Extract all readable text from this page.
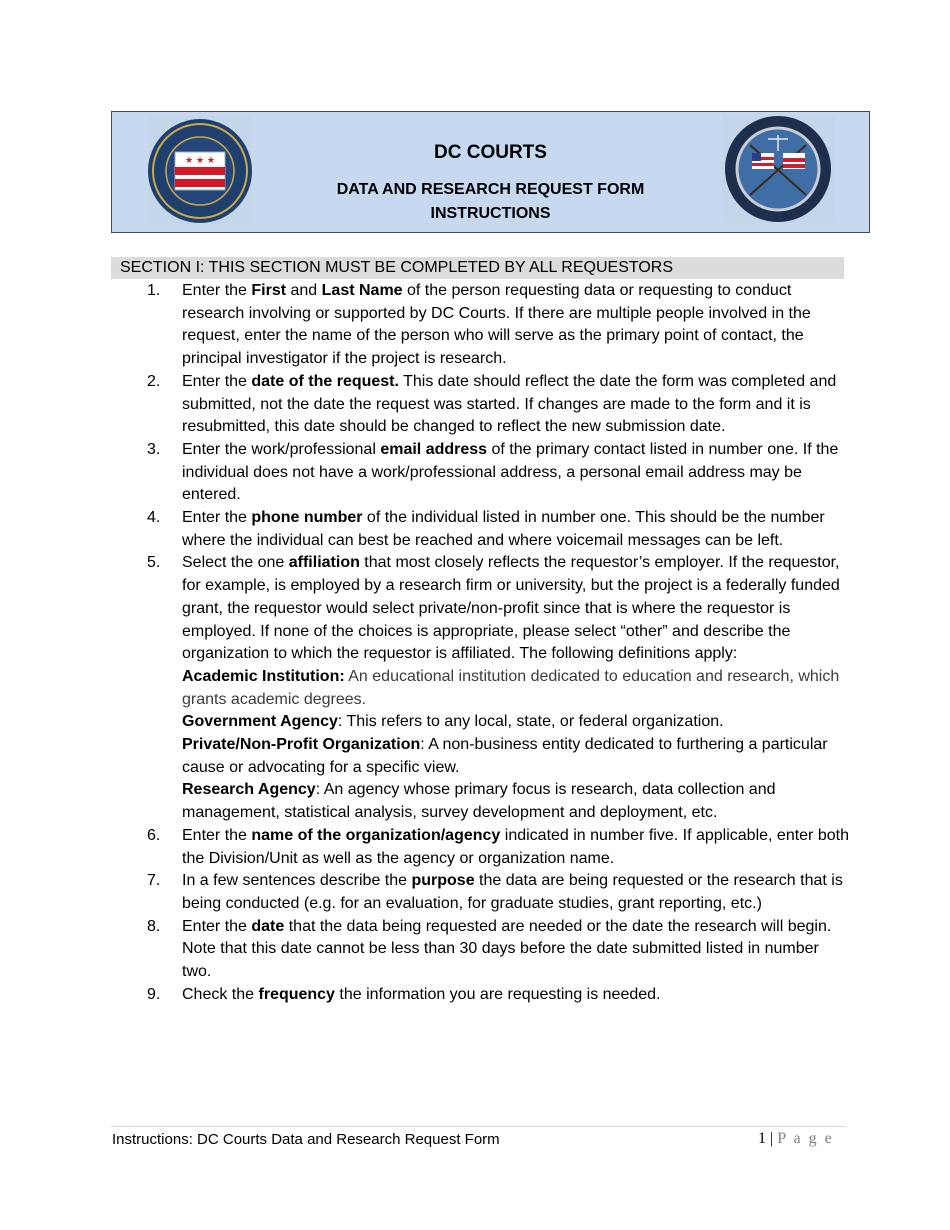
★ ★ ★	DC COURTS
DATA AND RESEARCH REQUEST FORM
INSTRUCTIONS
SECTION I: THIS SECTION MUST BE COMPLETED BY ALL REQUESTORS
1. Enter the First and Last Name of the person requesting data or requesting to conduct research involving or supported by DC Courts. If there are multiple people involved in the request, enter the name of the person who will serve as the primary point of contact, the principal investigator if the project is research.
2. Enter the date of the request. This date should reflect the date the form was completed and submitted, not the date the request was started. If changes are made to the form and it is resubmitted, this date should be changed to reflect the new submission date.
3. Enter the work/professional email address of the primary contact listed in number one. If the individual does not have a work/professional address, a personal email address may be entered.
4. Enter the phone number of the individual listed in number one. This should be the number where the individual can best be reached and where voicemail messages can be left.
5. Select the one affiliation that most closely reflects the requestor’s employer. If the requestor, for example, is employed by a research firm or university, but the project is a federally funded grant, the requestor would select private/non-profit since that is where the requestor is employed. If none of the choices is appropriate, please select “other” and describe the organization to which the requestor is affiliated. The following definitions apply:
Academic Institution: An educational institution dedicated to education and research, which grants academic degrees.
Government Agency: This refers to any local, state, or federal organization.
Private/Non-Profit Organization: A non-business entity dedicated to furthering a particular cause or advocating for a specific view.
Research Agency: An agency whose primary focus is research, data collection and management, statistical analysis, survey development and deployment, etc.
6. Enter the name of the organization/agency indicated in number five. If applicable, enter both the Division/Unit as well as the agency or organization name.
7. In a few sentences describe the purpose the data are being requested or the research that is being conducted (e.g. for an evaluation, for graduate studies, grant reporting, etc.)
8. Enter the date that the data being requested are needed or the date the research will begin. Note that this date cannot be less than 30 days before the date submitted listed in number two.
9. Check the frequency the information you are requesting is needed.
Instructions: DC Courts Data and Research Request Form	1 | P a g e
